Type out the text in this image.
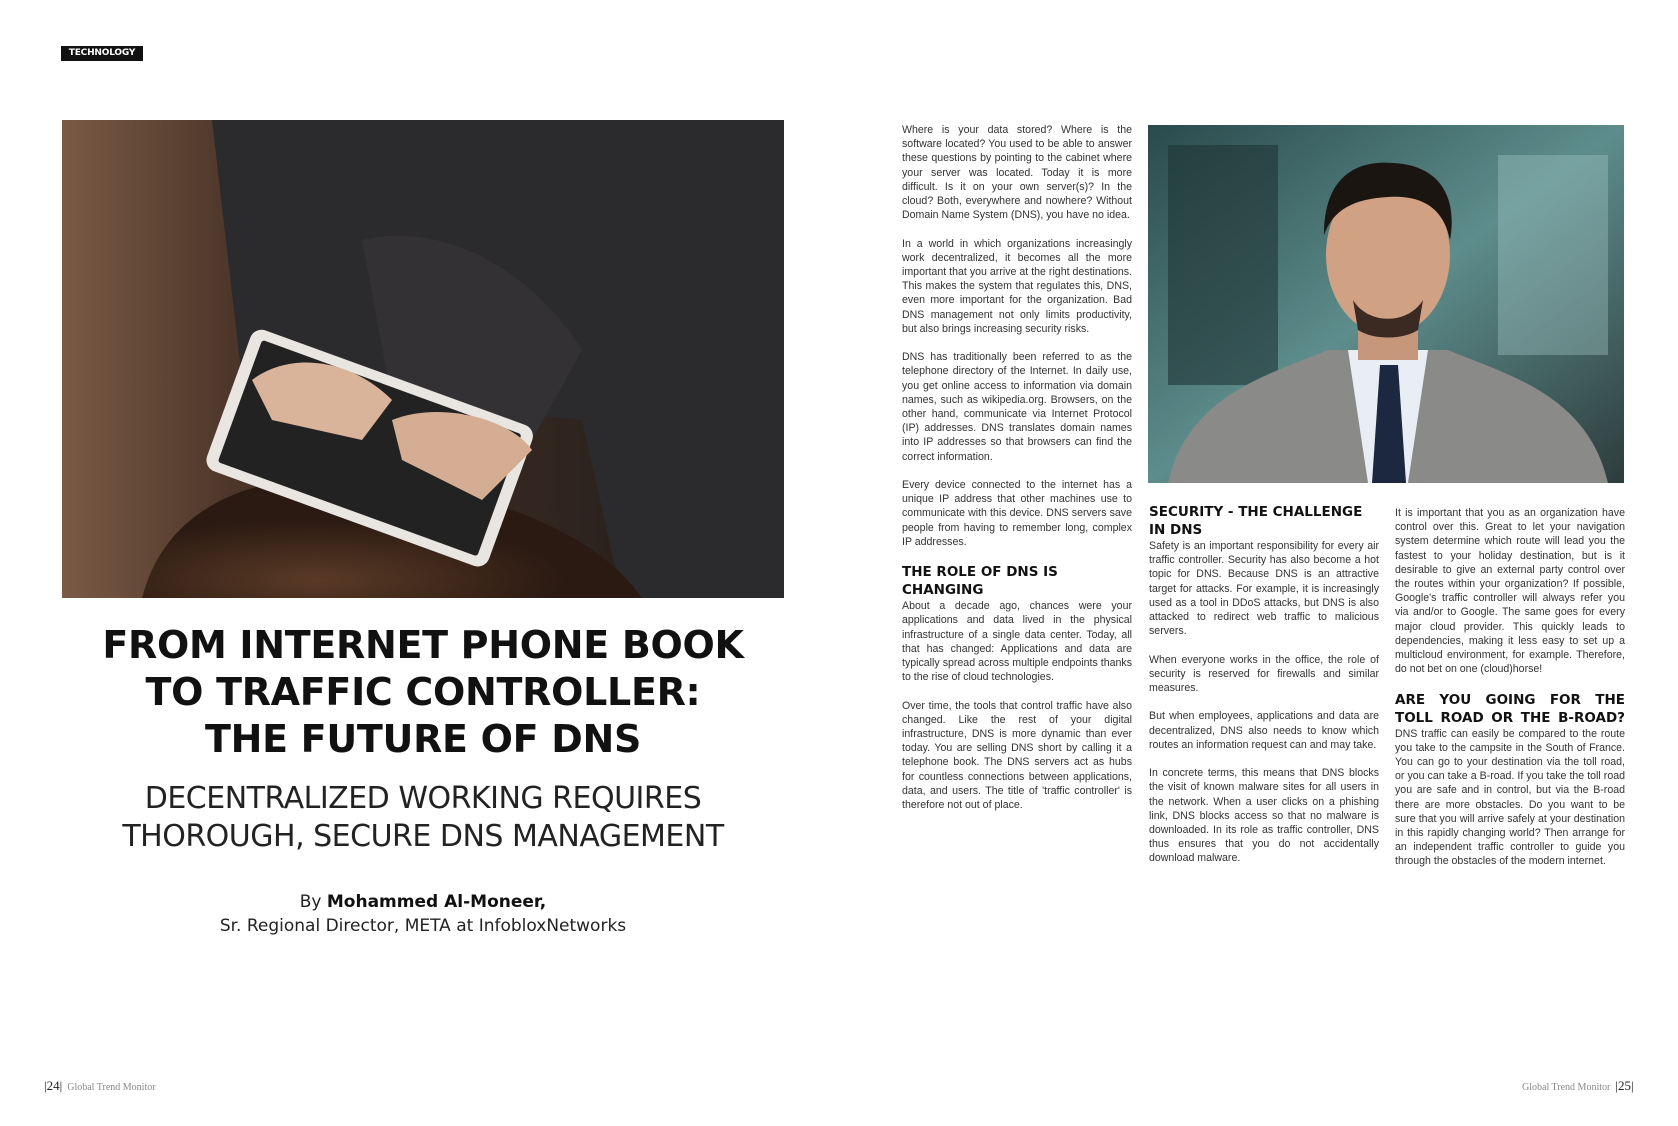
TECHNOLOGY
FROM INTERNET PHONE BOOK
TO TRAFFIC CONTROLLER:
THE FUTURE OF DNS
DECENTRALIZED WORKING REQUIRES
THOROUGH, SECURE DNS MANAGEMENT
By Mohammed Al-Moneer,
Sr. Regional Director, META at InfobloxNetworks

Where is your data stored? Where is the software located? You used to be able to answer these questions by pointing to the cabinet where your server was located. Today it is more difficult. Is it on your own server(s)? In the cloud? Both, everywhere and nowhere? Without Domain Name System (DNS), you have no idea.

In a world in which organizations increasingly work decentralized, it becomes all the more important that you arrive at the right destinations. This makes the system that regulates this, DNS, even more important for the organization. Bad DNS management not only limits productivity, but also brings increasing security risks.

DNS has traditionally been referred to as the telephone directory of the Internet. In daily use, you get online access to information via domain names, such as wikipedia.org. Browsers, on the other hand, communicate via Internet Protocol (IP) addresses. DNS translates domain names into IP addresses so that browsers can find the correct information.

Every device connected to the internet has a unique IP address that other machines use to communicate with this device. DNS servers save people from having to remember long, complex IP addresses.

THE ROLE OF DNS IS CHANGING

About a decade ago, chances were your applications and data lived in the physical infrastructure of a single data center. Today, all that has changed: Applications and data are typically spread across multiple endpoints thanks to the rise of cloud technologies.

Over time, the tools that control traffic have also changed. Like the rest of your digital infrastructure, DNS is more dynamic than ever today. You are selling DNS short by calling it a telephone book. The DNS servers act as hubs for countless connections between applications, data, and users. The title of 'traffic controller' is therefore not out of place.

SECURITY - THE CHALLENGE IN DNS

Safety is an important responsibility for every air traffic controller. Security has also become a hot topic for DNS. Because DNS is an attractive target for attacks. For example, it is increasingly used as a tool in DDoS attacks, but DNS is also attacked to redirect web traffic to malicious servers.

When everyone works in the office, the role of security is reserved for firewalls and similar measures.

But when employees, applications and data are decentralized, DNS also needs to know which routes an information request can and may take.

In concrete terms, this means that DNS blocks the visit of known malware sites for all users in the network. When a user clicks on a phishing link, DNS blocks access so that no malware is downloaded. In its role as traffic controller, DNS thus ensures that you do not accidentally download malware.

It is important that you as an organization have control over this. Great to let your navigation system determine which route will lead you the fastest to your holiday destination, but is it desirable to give an external party control over the routes within your organization? If possible, Google's traffic controller will always refer you via and/or to Google. The same goes for every major cloud provider. This quickly leads to dependencies, making it less easy to set up a multicloud environment, for example. Therefore, do not bet on one (cloud)horse!

ARE YOU GOING FOR THE TOLL ROAD OR THE B-ROAD?

DNS traffic can easily be compared to the route you take to the campsite in the South of France. You can go to your destination via the toll road, or you can take a B-road. If you take the toll road you are safe and in control, but via the B-road there are more obstacles. Do you want to be sure that you will arrive safely at your destination in this rapidly changing world? Then arrange for an independent traffic controller to guide you through the obstacles of the modern internet.

|24| Global Trend Monitor	Global Trend Monitor |25|
